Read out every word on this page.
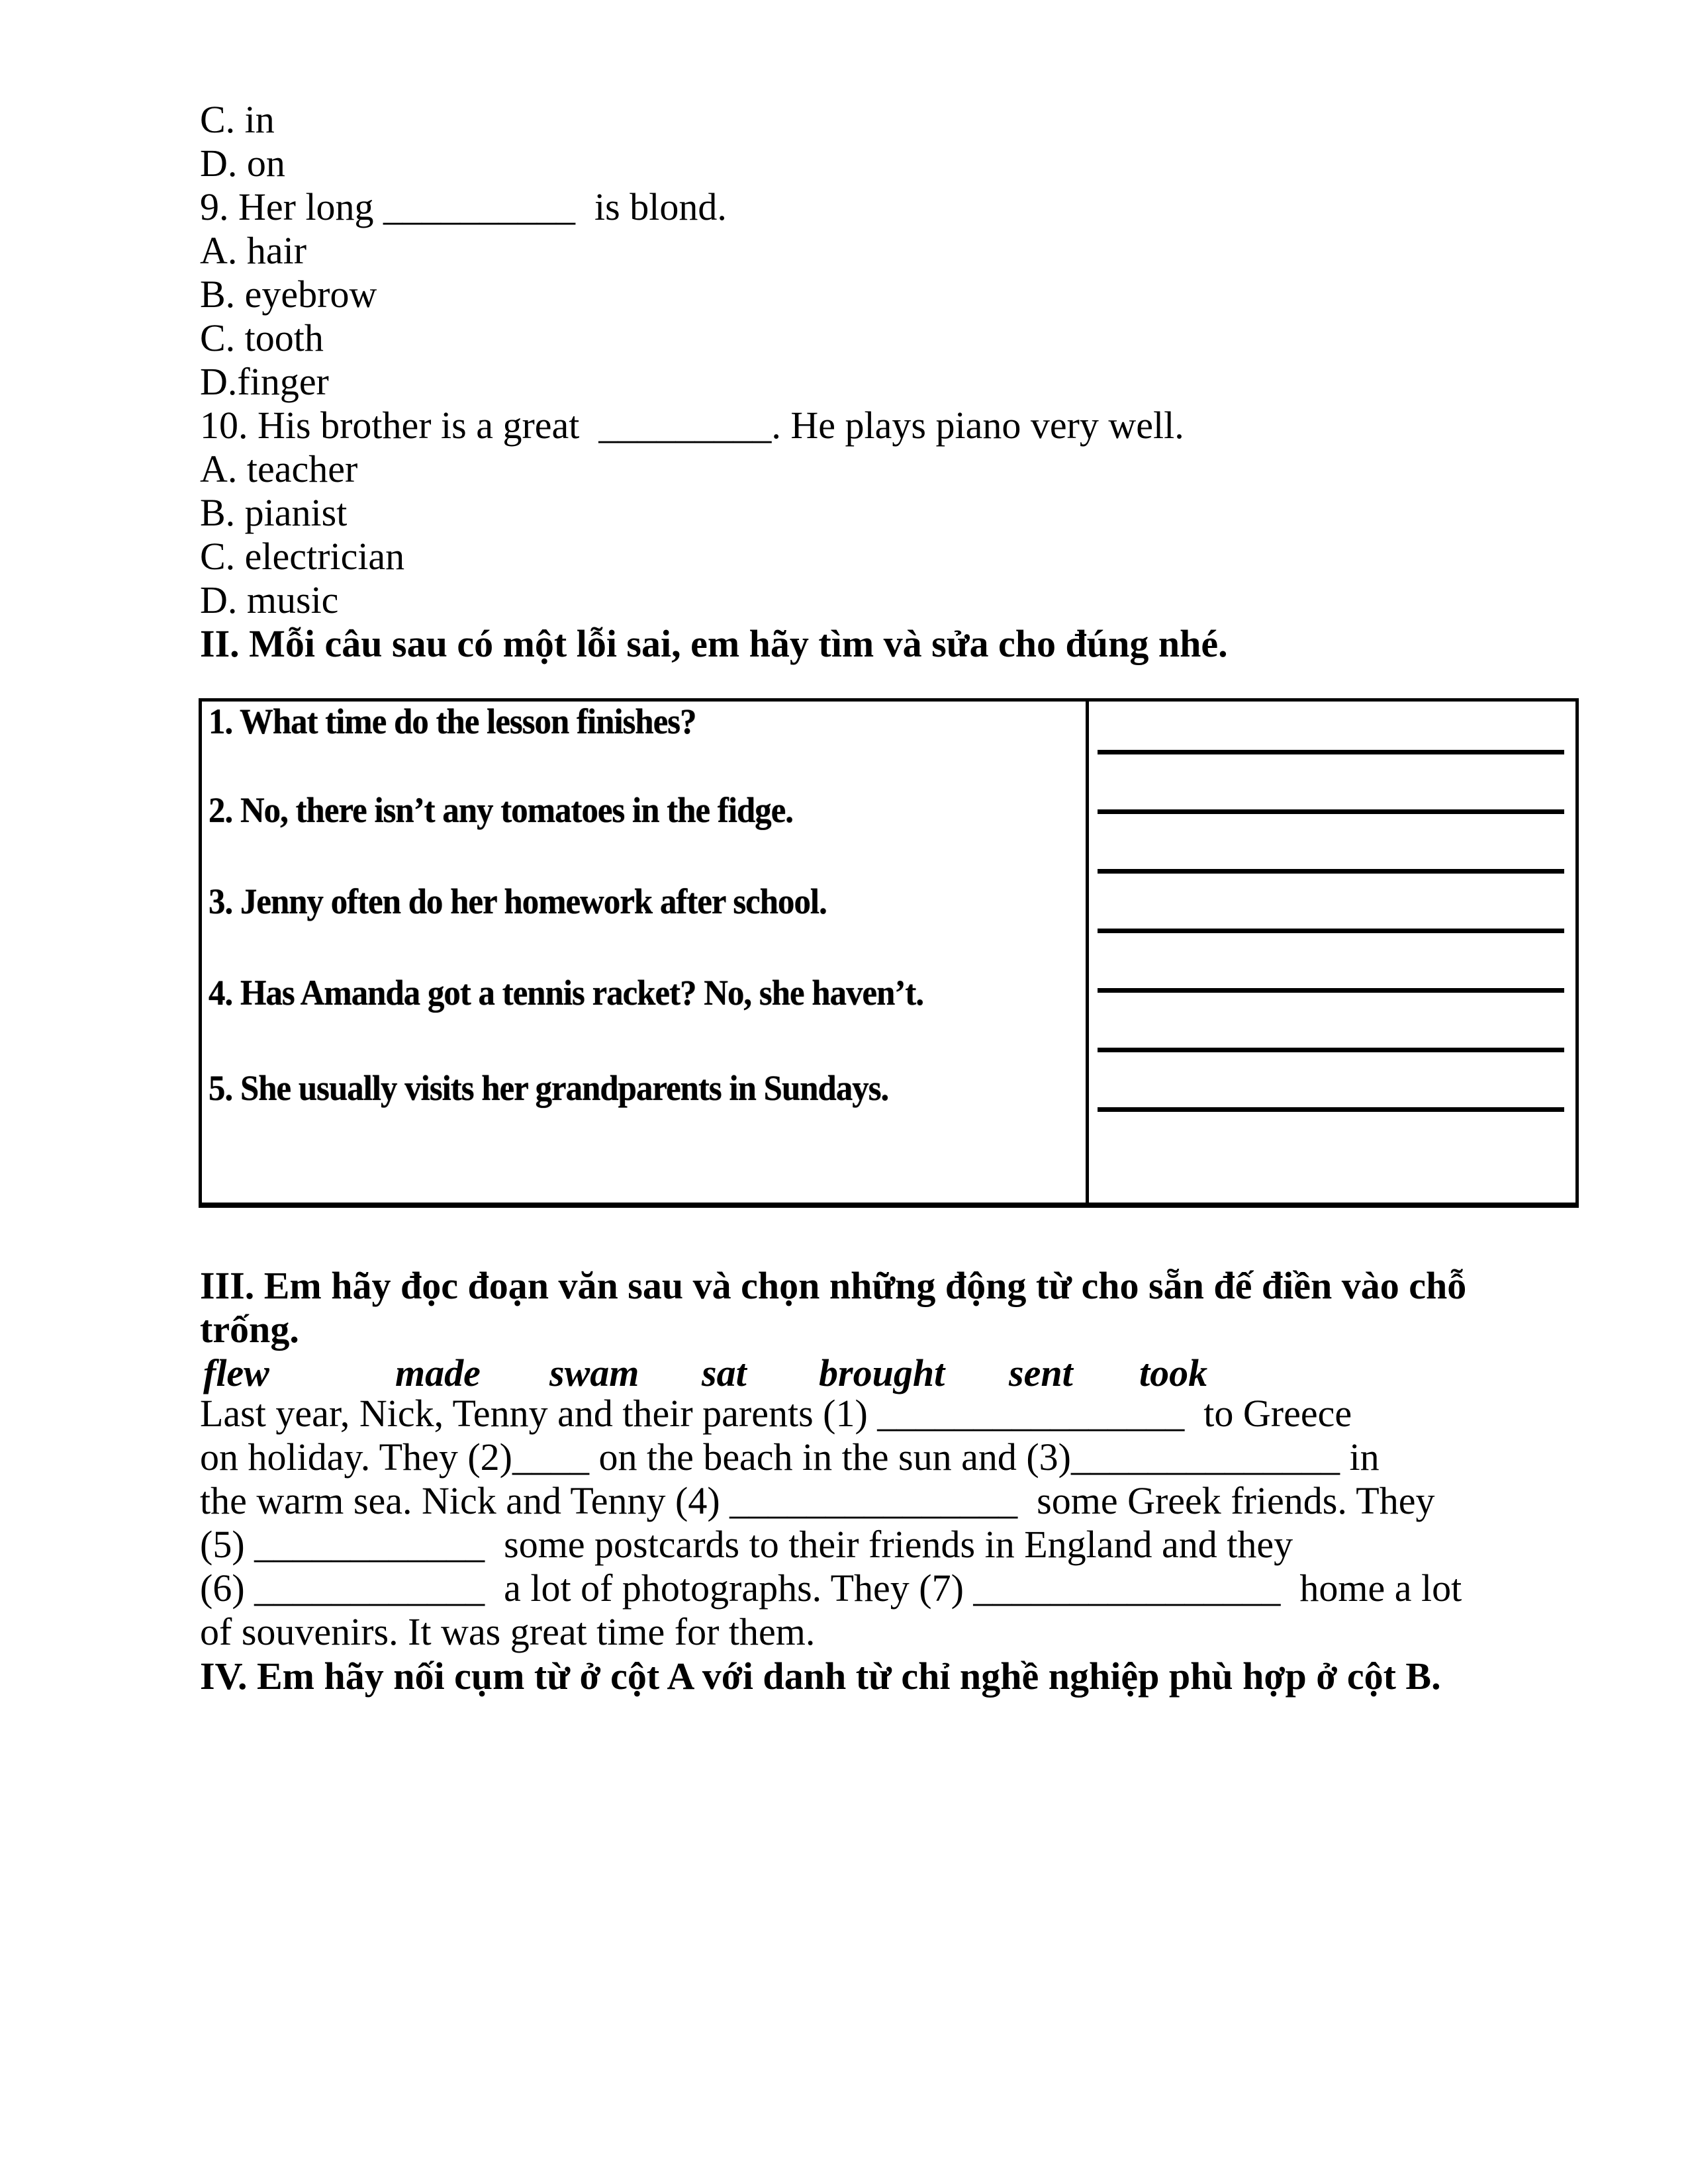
C. in
D. on
9. Her long __________  is blond.
A. hair
B. eyebrow
C. tooth
D.finger
10. His brother is a great  _________. He plays piano very well.
A. teacher
B. pianist
C. electrician
D. music
II. Mỗi câu sau có một lỗi sai, em hãy tìm và sửa cho đúng nhé.
1. What time do the lesson finishes?
2. No, there isn’t any tomatoes in the fidge.
3. Jenny often do her homework after school.
4. Has Amanda got a tennis racket? No, she haven’t.
5. She usually visits her grandparents in Sundays.
III. Em hãy đọc đoạn văn sau và chọn những động từ cho sẵn đế điền vào chỗ
trống.
flew	made swam sat brought sent took
Last year, Nick, Tenny and their parents (1) ________________  to Greece
on holiday. They (2)____ on the beach in the sun and (3)______________ in
the warm sea. Nick and Tenny (4) _______________  some Greek friends. They
(5) ____________  some postcards to their friends in England and they
(6) ____________  a lot of photographs. They (7) ________________  home a lot
of souvenirs. It was great time for them.
IV. Em hãy nối cụm từ ở cột A với danh từ chỉ nghề nghiệp phù hợp ở cột B.
